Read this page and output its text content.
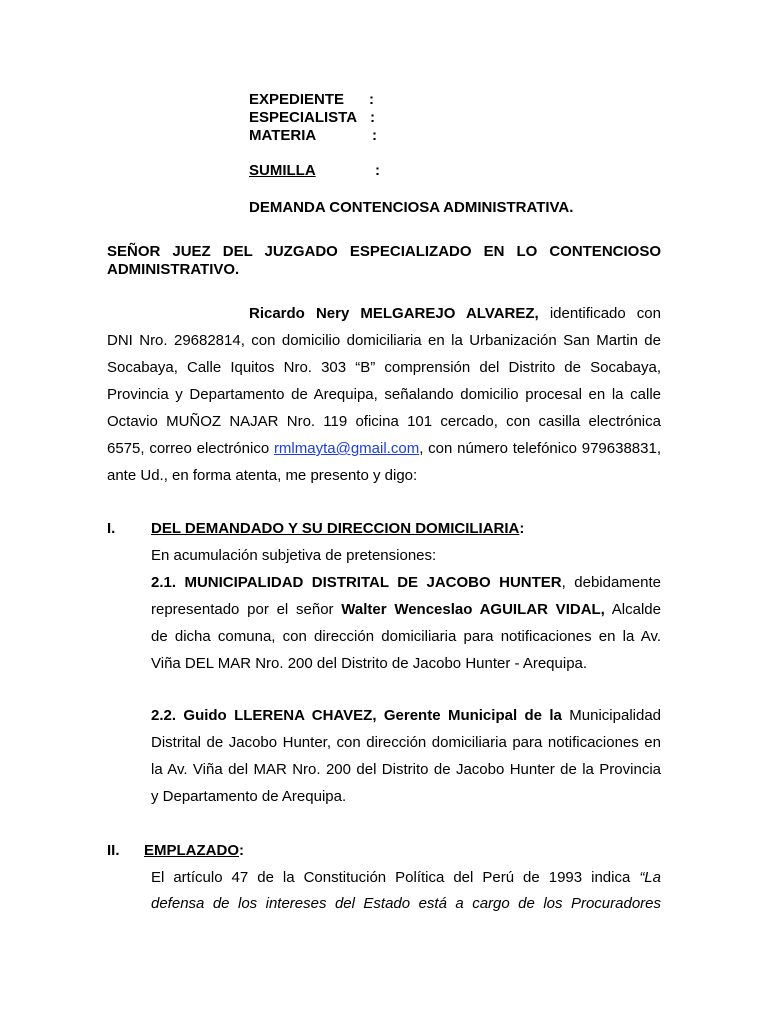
EXPEDIENTE :
ESPECIALISTA :
MATERIA	:
SUMILLA	:
DEMANDA CONTENCIOSA ADMINISTRATIVA.
SEÑOR JUEZ DEL JUZGADO ESPECIALIZADO EN LO CONTENCIOSO
ADMINISTRATIVO.
Ricardo Nery MELGAREJO ALVAREZ, identificado con
DNI Nro. 29682814, con domicilio domiciliaria en la Urbanización San Martin de
Socabaya, Calle Iquitos Nro. 303 “B” comprensión del Distrito de Socabaya,
Provincia y Departamento de Arequipa, señalando domicilio procesal en la calle
Octavio MUÑOZ NAJAR Nro. 119 oficina 101 cercado, con casilla electrónica
6575, correo electrónico rmlmayta@gmail.com, con número telefónico 979638831,
ante Ud., en forma atenta, me presento y digo:
I. DEL DEMANDADO Y SU DIRECCION DOMICILIARIA:
En acumulación subjetiva de pretensiones:
2.1. MUNICIPALIDAD DISTRITAL DE JACOBO HUNTER, debidamente
representado por el señor Walter Wenceslao AGUILAR VIDAL, Alcalde
de dicha comuna, con dirección domiciliaria para notificaciones en la Av.
Viña DEL MAR Nro. 200 del Distrito de Jacobo Hunter - Arequipa.
2.2. Guido LLERENA CHAVEZ, Gerente Municipal de la Municipalidad
Distrital de Jacobo Hunter, con dirección domiciliaria para notificaciones en
la Av. Viña del MAR Nro. 200 del Distrito de Jacobo Hunter de la Provincia
y Departamento de Arequipa.
II. EMPLAZADO:
El artículo 47 de la Constitución Política del Perú de 1993 indica “La
defensa de los intereses del Estado está a cargo de los Procuradores
